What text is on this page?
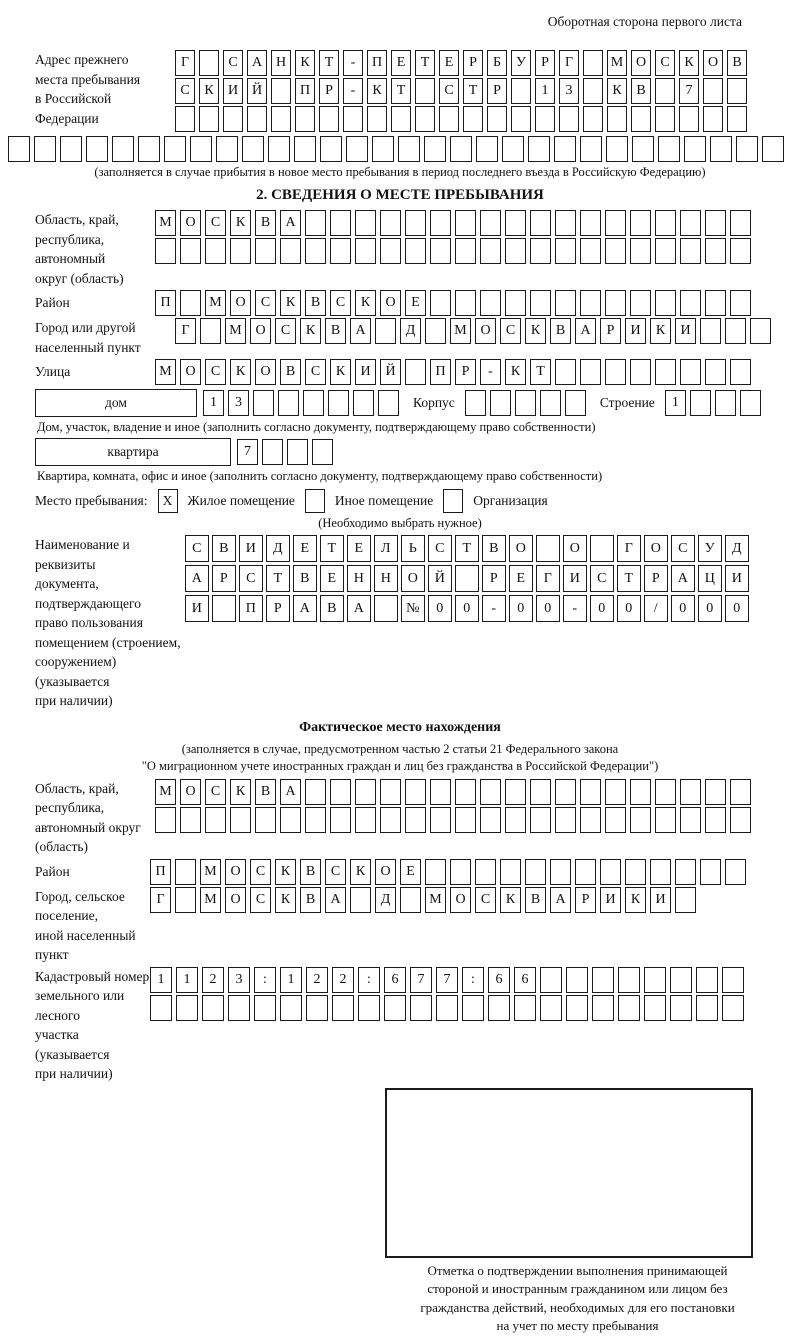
Оборотная сторона первого листа
Адрес прежнего
места пребывания
в Российской
Федерации
Г	С	А Н	К	Т	-	П	Е	Т	Е	Р	Б	У	Р	Г	М О	С	К	О	В
С	К	И Й	П	Р	-	К	Т	С	Т	Р	1	3	К	В	7
(заполняется в случае прибытия в новое место пребывания в период последнего въезда в Российскую Федерацию)
2. СВЕДЕНИЯ О МЕСТЕ ПРЕБЫВАНИЯ
Область, край,
республика,
автономный
округ (область)
М О	С	К	В	А
Район	П	М О	С	К	В	С	К	О	Е
Город или другой
населенный пункт
Г	М О	С	К	В	А	Д	М О	С	К	В	А	Р	И	К	И
Улица	М О	С	К	О	В	С	К	И	Й	П	Р	-	К	Т
дом	1	3	Корпус	Строение	1
Дом, участок, владение и иное (заполнить согласно документу, подтверждающему право собственности)
квартира	7
Квартира, комната, офис и иное (заполнить согласно документу, подтверждающему право собственности)
Место пребывания:	X	Жилое помещение	Иное помещение	Организация
(Необходимо выбрать нужное)
Наименование и реквизиты
документа, подтверждающего
право пользования
помещением (строением,
сооружением) (указывается
при наличии)
С	В	И	Д	Е	Т	Е	Л	Ь	С	Т	В	О	О	Г	О	С	У	Д
А	Р	С	Т	В	Е	Н	Н	О	Й	Р	Е	Г	И	С	Т	Р	А	Ц	И
И	П	Р	А	В	А	№	0	0	-	0	0	-	0	0	/	0	0	0
Фактическое место нахождения
(заполняется в случае, предусмотренном частью 2 статьи 21 Федерального закона
"О миграционном учете иностранных граждан и лиц без гражданства в Российской Федерации")
Область, край,
республика,
автономный округ
(область)
М О	С	К	В	А
Район	П	М О	С	К	В	С	К	О	Е
Город, сельское поселение,
иной населенный пункт
Г	М О	С	К	В	А	Д	М О	С	К	В	А	Р	И	К	И
Кадастровый номер
земельного или лесного
участка (указывается
при наличии)
1	1	2	3	:	1	2	2	:	6	7	7	:	6	6
Отметка о подтверждении выполнения принимающей
стороной и иностранным гражданином или лицом без
гражданства действий, необходимых для его постановки
на учет по месту пребывания
